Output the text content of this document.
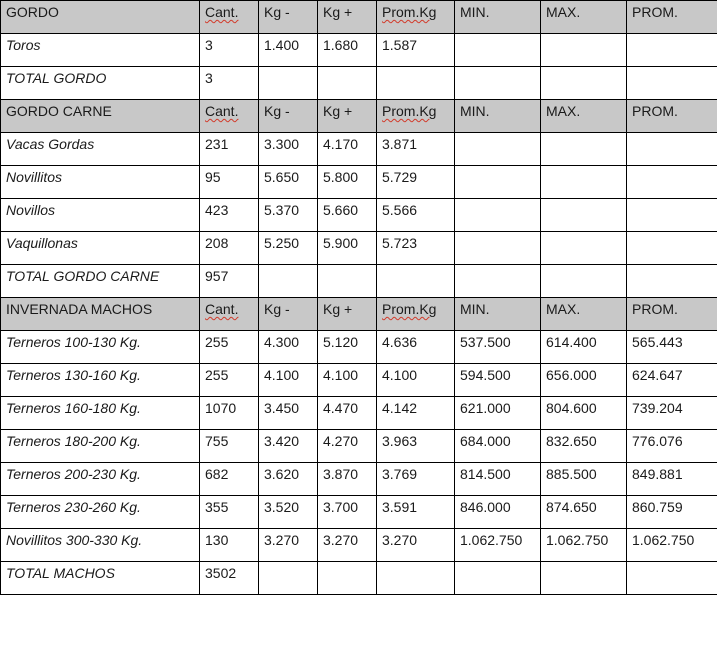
GORDO	Cant.	Kg -	Kg +	Prom.Kg	MIN.	MAX.	PROM.
Toros	3	1.400	1.680	1.587			
TOTAL GORDO	3						
GORDO CARNE	Cant.	Kg -	Kg +	Prom.Kg	MIN.	MAX.	PROM.
Vacas Gordas	231	3.300	4.170	3.871			
Novillitos	95	5.650	5.800	5.729			
Novillos	423	5.370	5.660	5.566			
Vaquillonas	208	5.250	5.900	5.723			
TOTAL GORDO CARNE	957						
INVERNADA MACHOS	Cant.	Kg -	Kg +	Prom.Kg	MIN.	MAX.	PROM.
Terneros 100-130 Kg.	255	4.300	5.120	4.636	537.500	614.400	565.443
Terneros 130-160 Kg.	255	4.100	4.100	4.100	594.500	656.000	624.647
Terneros 160-180 Kg.	1070	3.450	4.470	4.142	621.000	804.600	739.204
Terneros 180-200 Kg.	755	3.420	4.270	3.963	684.000	832.650	776.076
Terneros 200-230 Kg.	682	3.620	3.870	3.769	814.500	885.500	849.881
Terneros 230-260 Kg.	355	3.520	3.700	3.591	846.000	874.650	860.759
Novillitos 300-330 Kg.	130	3.270	3.270	3.270	1.062.750	1.062.750	1.062.750
TOTAL MACHOS	3502						
